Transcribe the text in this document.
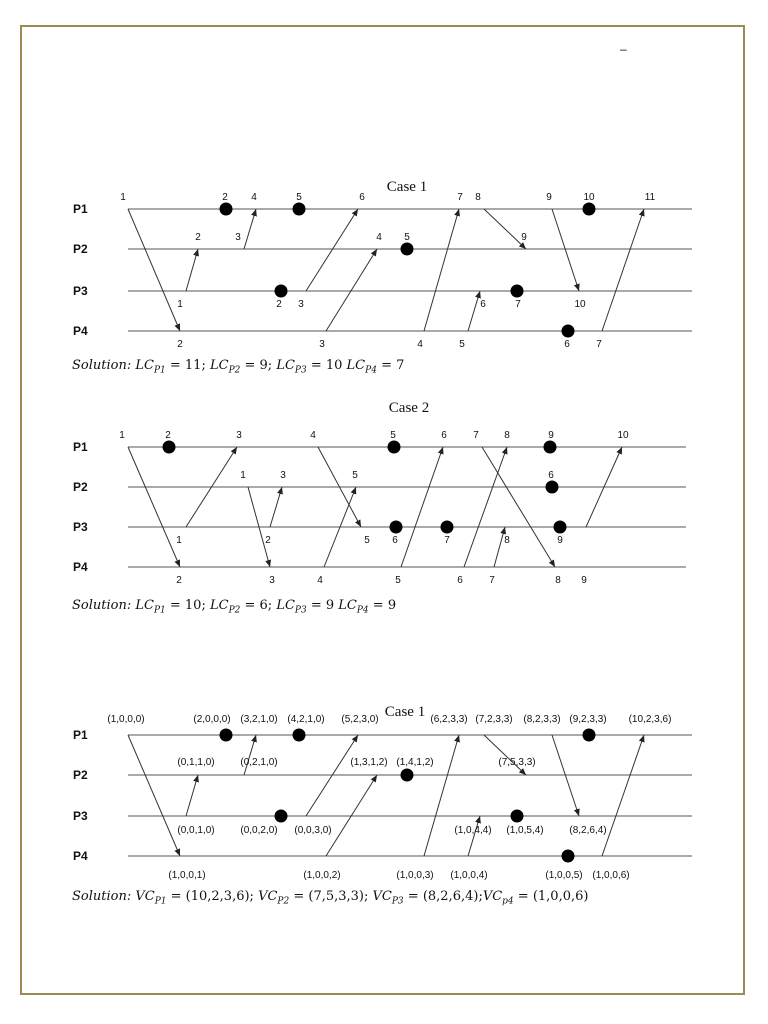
–
Case 1
P1
P2
P3
P4
1	2 4	5	6	7 8	9	10	11
2	3	4 5	9
1	2 3	6	7	10
2	3	4	5	6	7
Case 2
P1
P2
P3
P4
1	2	3	4	5	6	7	8	9	10
1	3	5	6
1	2	5 6	7	8	9
2	3	4	5	6	7	8 9
Case 1
P1
P2
P3
P4
(1,0,0,0)	(2,0,0,0) (3,2,1,0) (4,2,1,0) (5,2,3,0)	(6,2,3,3) (7,2,3,3) (8,2,3,3) (9,2,3,3) (10,2,3,6)
(0,1,1,0)	(0,2,1,0)	(1,3,1,2) (1,4,1,2)	(7,5,3,3)
(0,0,1,0)	(0,0,2,0) (0,0,3,0)	(1,0,4,4) (1,0,5,4)	(8,2,6,4)
(1,0,0,1)	(1,0,0,2)	(1,0,0,3) (1,0,0,4)	(1,0,0,5) (1,0,0,6)
Solution: $LC_{P1} = 11$; $LC_{P2} = 9$; $LC_{P3} = 10$ $LC_{P4} = 7$
Solution: $LC_{P1} = 10$; $LC_{P2} = 6$; $LC_{P3} = 9$ $LC_{P4} = 9$
Solution: $VC_{P1} = (10,2,3,6)$; $VC_{P2} = (7,5,3,3)$; $VC_{P3}$ = $(8,2,6,4);VC_{p4} = (1,0,0,6)$
